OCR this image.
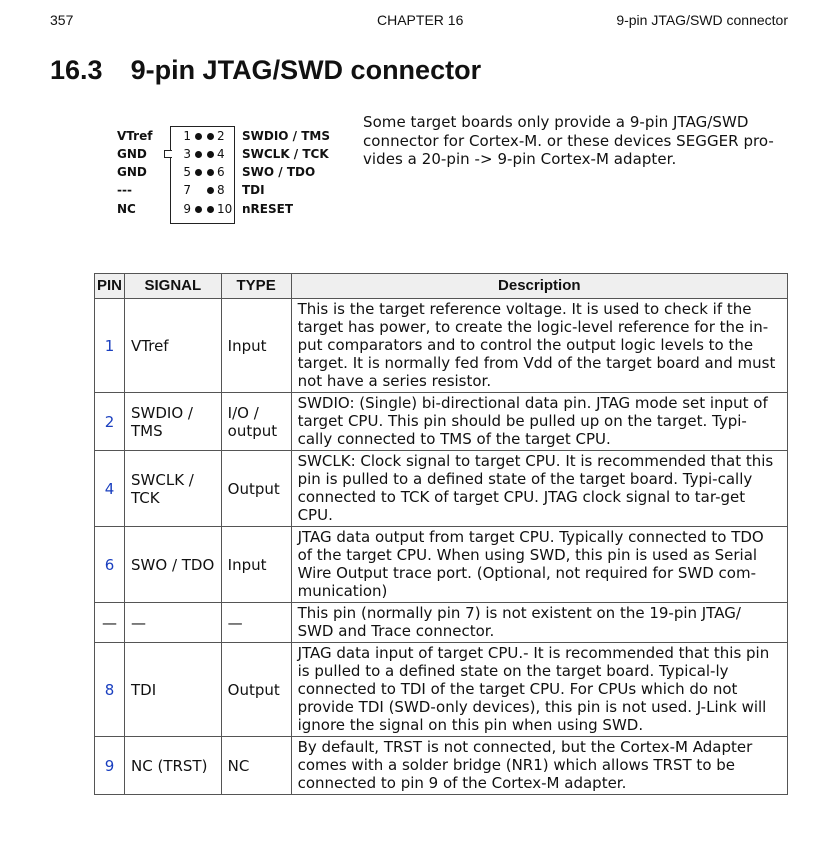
357	CHAPTER 16	9-pin JTAG/SWD connector
16.3 9-pin JTAG/SWD connector
VTref	1 2	SWDIO / TMS
GND	3 4	SWCLK / TCK
GND	5 6	SWO / TDO
---	7 8	TDI
NC	9 10 nRESET
Some target boards only provide a 9-pin JTAG/SWD connector for Cortex-M. or these devices SEGGER pro-vides a 20-pin -> 9-pin Cortex-M adapter.
PIN	SIGNAL	TYPE	Description
1	VTref	Input	This is the target reference voltage. It is used to check if the target has power, to create the logic-level reference for the in-put comparators and to control the output logic levels to the target. It is normally fed from Vdd of the target board and must not have a series resistor.
2	SWDIO / TMS	I/O / output	SWDIO: (Single) bi-directional data pin. JTAG mode set input of target CPU. This pin should be pulled up on the target. Typi-cally connected to TMS of the target CPU.
4	SWCLK / TCK	Output	SWCLK: Clock signal to target CPU. It is recommended that this pin is pulled to a defined state of the target board. Typi-cally connected to TCK of target CPU. JTAG clock signal to tar-get CPU.
6	SWO / TDO	Input	JTAG data output from target CPU. Typically connected to TDO of the target CPU. When using SWD, this pin is used as Serial Wire Output trace port. (Optional, not required for SWD com-munication)
—	—	—	This pin (normally pin 7) is not existent on the 19-pin JTAG/ SWD and Trace connector.
8	TDI	Output	JTAG data input of target CPU.- It is recommended that this pin is pulled to a defined state on the target board. Typical-ly connected to TDI of the target CPU. For CPUs which do not provide TDI (SWD-only devices), this pin is not used. J-Link will ignore the signal on this pin when using SWD.
9	NC (TRST)	NC	By default, TRST is not connected, but the Cortex-M Adapter comes with a solder bridge (NR1) which allows TRST to be connected to pin 9 of the Cortex-M adapter.
